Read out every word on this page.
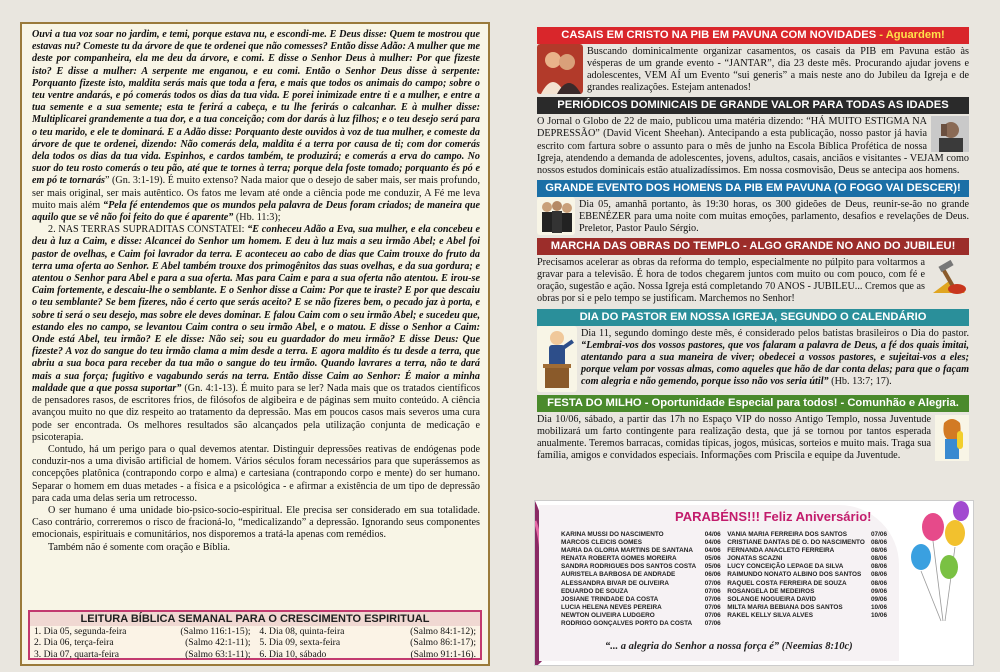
Ouvi a tua voz soar no jardim, e temi, porque estava nu, e escondi-me. E Deus disse: Quem te mostrou que estavas nu? Comeste tu da árvore de que te ordenei que não comesses? Então disse Adão: A mulher que me deste por companheira, ela me deu da árvore, e comi. E disse o Senhor Deus à mulher: Por que fizeste isto? E disse a mulher: A serpente me enganou, e eu comi. Então o Senhor Deus disse à serpente: Porquanto fizeste isto, maldita serás mais que toda a fera, e mais que todos os animais do campo; sobre o teu ventre andarás, e pó comerás todos os dias da tua vida. E porei inimizade entre ti e a mulher, e entre a tua semente e a sua semente; esta te ferirá a cabeça, e tu lhe ferirás o calcanhar. E à mulher disse: Multiplicarei grandemente a tua dor, e a tua conceição; com dor darás à luz filhos; e o teu desejo será para o teu marido, e ele te dominará. E a Adão disse: Porquanto deste ouvidos à voz de tua mulher, e comeste da árvore de que te ordenei, dizendo: Não comerás dela, maldita é a terra por causa de ti; com dor comerás dela todos os dias da tua vida. Espinhos, e cardos também, te produzirá; e comerás a erva do campo. No suor do teu rosto comerás o teu pão, até que te tornes à terra; porque dela foste tomado; porquanto és pó e em pó te tornarás” (Gn. 3:1-19). É muito extenso? Nada maior que o desejo de saber mais, ser mais profundo, ser mais original, ser mais autêntico. Os fatos me levam até onde a ciência pode me conduzir, A Fé me leva muito mais além “Pela fé entendemos que os mundos pela palavra de Deus foram criados; de maneira que aquilo que se vê não foi feito do que é aparente” (Hb. 11:3);

2. NAS TERRAS SUPRADITAS CONSTATEI: “E conheceu Adão a Eva, sua mulher, e ela concebeu e deu à luz a Caim, e disse: Alcancei do Senhor um homem. E deu à luz mais a seu irmão Abel; e Abel foi pastor de ovelhas, e Caim foi lavrador da terra. E aconteceu ao cabo de dias que Caim trouxe do fruto da terra uma oferta ao Senhor. E Abel também trouxe dos primogênitos das suas ovelhas, e da sua gordura; e atentou o Senhor para Abel e para a sua oferta. Mas para Caim e para a sua oferta não atentou. E irou-se Caim fortemente, e descaiu-lhe o semblante. E o Senhor disse a Caim: Por que te iraste? E por que descaiu o teu semblante? Se bem fizeres, não é certo que serás aceito? E se não fizeres bem, o pecado jaz à porta, e sobre ti será o seu desejo, mas sobre ele deves dominar. E falou Caim com o seu irmão Abel; e sucedeu que, estando eles no campo, se levantou Caim contra o seu irmão Abel, e o matou. E disse o Senhor a Caim: Onde está Abel, teu irmão? E ele disse: Não sei; sou eu guardador do meu irmão? E disse Deus: Que fizeste? A voz do sangue do teu irmão clama a mim desde a terra. E agora maldito és tu desde a terra, que abriu a sua boca para receber da tua mão o sangue do teu irmão. Quando lavrares a terra, não te dará mais a sua força; fugitivo e vagabundo serás na terra. Então disse Caim ao Senhor: É maior a minha maldade que a que possa suportar” (Gn. 4:1-13). É muito para se ler? Nada mais que os tratados científicos de pensadores rasos, de escritores frios, de filósofos de algibeira e de páginas sem muito conteúdo. A ciência avançou muito no que diz respeito ao tratamento da depressão. Mas em poucos casos mais severos uma cura pode ser encontrada. Os melhores resultados são alcançados pela utilização conjunta de medicação e psicoterapia.

Contudo, há um perigo para o qual devemos atentar. Distinguir depressões reativas de endógenas pode conduzir-nos a uma divisão artificial de homem. Vários séculos foram necessários para que superássemos as concepções platônica (contrapondo corpo e alma) e cartesiana (contrapondo corpo e mente) do ser humano. Separar o homem em duas metades - a física e a psicológica - e afirmar a existência de um tipo de depressão para cada uma delas seria um retrocesso.

O ser humano é uma unidade bio-psico-socio-espiritual. Ele precisa ser considerado em sua totalidade. Caso contrário, correremos o risco de fracioná-lo, “medicalizando” a depressão. Ignorando seus componentes emocionais, espirituais e comunitários, nos disporemos a tratá-la apenas com remédios.

Também não é somente com oração e Bíblia.

LEITURA BÍBLICA SEMANAL PARA O CRESCIMENTO ESPIRITUAL
1. Dia 05, segunda-feira	(Salmo 116:1-15);
2. Dia 06, terça-feira	(Salmo 42:1-11);
3. Dia 07, quarta-feira	(Salmo 63:1-11);
4. Dia 08, quinta-feira	(Salmo 84:1-12);
5. Dia 09, sexta-feira	(Salmo 86:1-17);
6. Dia 10, sábado	(Salmo 91:1-16).
CASAIS EM CRISTO NA PIB EM PAVUNA COM NOVIDADES - Aguardem!
Buscando dominicalmente organizar casamentos, os casais da PIB em Pavuna estão às vésperas de um grande evento - “JANTAR”, dia 23 deste mês. Procurando ajudar jovens e adolescentes, VEM AÍ um Evento “sui generis” a mais neste ano do Jubileu da Igreja e de grandes realizações. Estejam antenados!
PERIÓDICOS DOMINICAIS DE GRANDE VALOR PARA TODAS AS IDADES
O Jornal o Globo de 22 de maio, publicou uma matéria dizendo: “HÁ MUITO ESTIGMA NA DEPRESSÃO” (David Vicent Sheehan). Antecipando a esta publicação, nosso pastor já havia escrito com fartura sobre o assunto para o mês de junho na Escola Bíblica Profética de nossa Igreja, atendendo a demanda de adolescentes, jovens, adultos, casais, anciãos e visitantes - VEJAM como nossos estudos dominicais estão atualizadíssimos. Em nossa cosmovisão, Deus se antecipa aos homens.
GRANDE EVENTO DOS HOMENS DA PIB EM PAVUNA (O FOGO VAI DESCER)!
Dia 05, amanhã portanto, às 19:30 horas, os 300 gideões de Deus, reunir-se-ão no grande EBENÉZER para uma noite com muitas emoções, parlamento, desafios e revelações de Deus. Preletor, Pastor Paulo Sérgio.
MARCHA DAS OBRAS DO TEMPLO - ALGO GRANDE NO ANO DO JUBILEU!
Precisamos acelerar as obras da reforma do templo, especialmente no púlpito para voltarmos a gravar para a televisão. É hora de todos chegarem juntos com muito ou com pouco, com fé e oração, sugestão e ação. Nossa Igreja está completando 70 ANOS - JUBILEU... Cremos que as obras por si e pelo tempo se justificam. Marchemos no Senhor!
DIA DO PASTOR EM NOSSA IGREJA, SEGUNDO O CALENDÁRIO
Dia 11, segundo domingo deste mês, é considerado pelos batistas brasileiros o Dia do pastor. “Lembrai-vos dos vossos pastores, que vos falaram a palavra de Deus, a fé dos quais imitai, atentando para a sua maneira de viver; obedecei a vossos pastores, e sujeitai-vos a eles; porque velam por vossas almas, como aqueles que hão de dar conta delas; para que o façam com alegria e não gemendo, porque isso não vos seria útil” (Hb. 13:7; 17).
FESTA DO MILHO - Oportunidade Especial para todos! - Comunhão e Alegria.
Dia 10/06, sábado, a partir das 17h no Espaço VIP do nosso Antigo Templo, nossa Juventude mobilizará um farto contingente para realização desta, que já se tornou por tantos esperada anualmente. Teremos barracas, comidas típicas, jogos, músicas, sorteios e muito mais. Traga sua família, amigos e convidados especiais. Informações com Priscila e equipe da Juventude.
PARABÉNS!!! Feliz Aniversário!
KARINA MUSSI DO NASCIMENTO	04/06
MARCOS CLEICIS GOMES	04/06
MARIA DA GLORIA MARTINS DE SANTANA 04/06
RENATA ROBERTA GOMES MOREIRA	05/06
SANDRA RODRIGUES DOS SANTOS COSTA 05/06
AURISTELA BARBOSA DE ANDRADE	06/06
ALESSANDRA BIVAR DE OLIVEIRA	07/06
EDUARDO DE SOUZA	07/06
JOSIANE TRINDADE DA COSTA	07/06
LUCIA HELENA NEVES PEREIRA	07/06
NEWTON OLIVEIRA LUDGERO	07/06
RODRIGO GONÇALVES PORTO DA COSTA 07/06
VANIA MARIA FERREIRA DOS SANTOS	07/06
CRISTIANE DANTAS DE O. DO NASCIMENTO 08/06
FERNANDA ANACLETO FERREIRA	08/06
JONATAS SCAZNI	08/06
LUCY CONCEIÇÃO LEPAGE DA SILVA	08/06
RAIMUNDO NONATO ALBINO DOS SANTOS 08/06
RAQUEL COSTA FERREIRA DE SOUZA	08/06
ROSANGELA DE MEDEIROS	09/06
SOLANGE NOGUEIRA DAVID	09/06
MILTA MARIA BEBIANA DOS SANTOS	10/06
RAKEL KELLY SILVA ALVES	10/06
“... a alegria do Senhor a nossa força é” (Neemias 8:10c)
